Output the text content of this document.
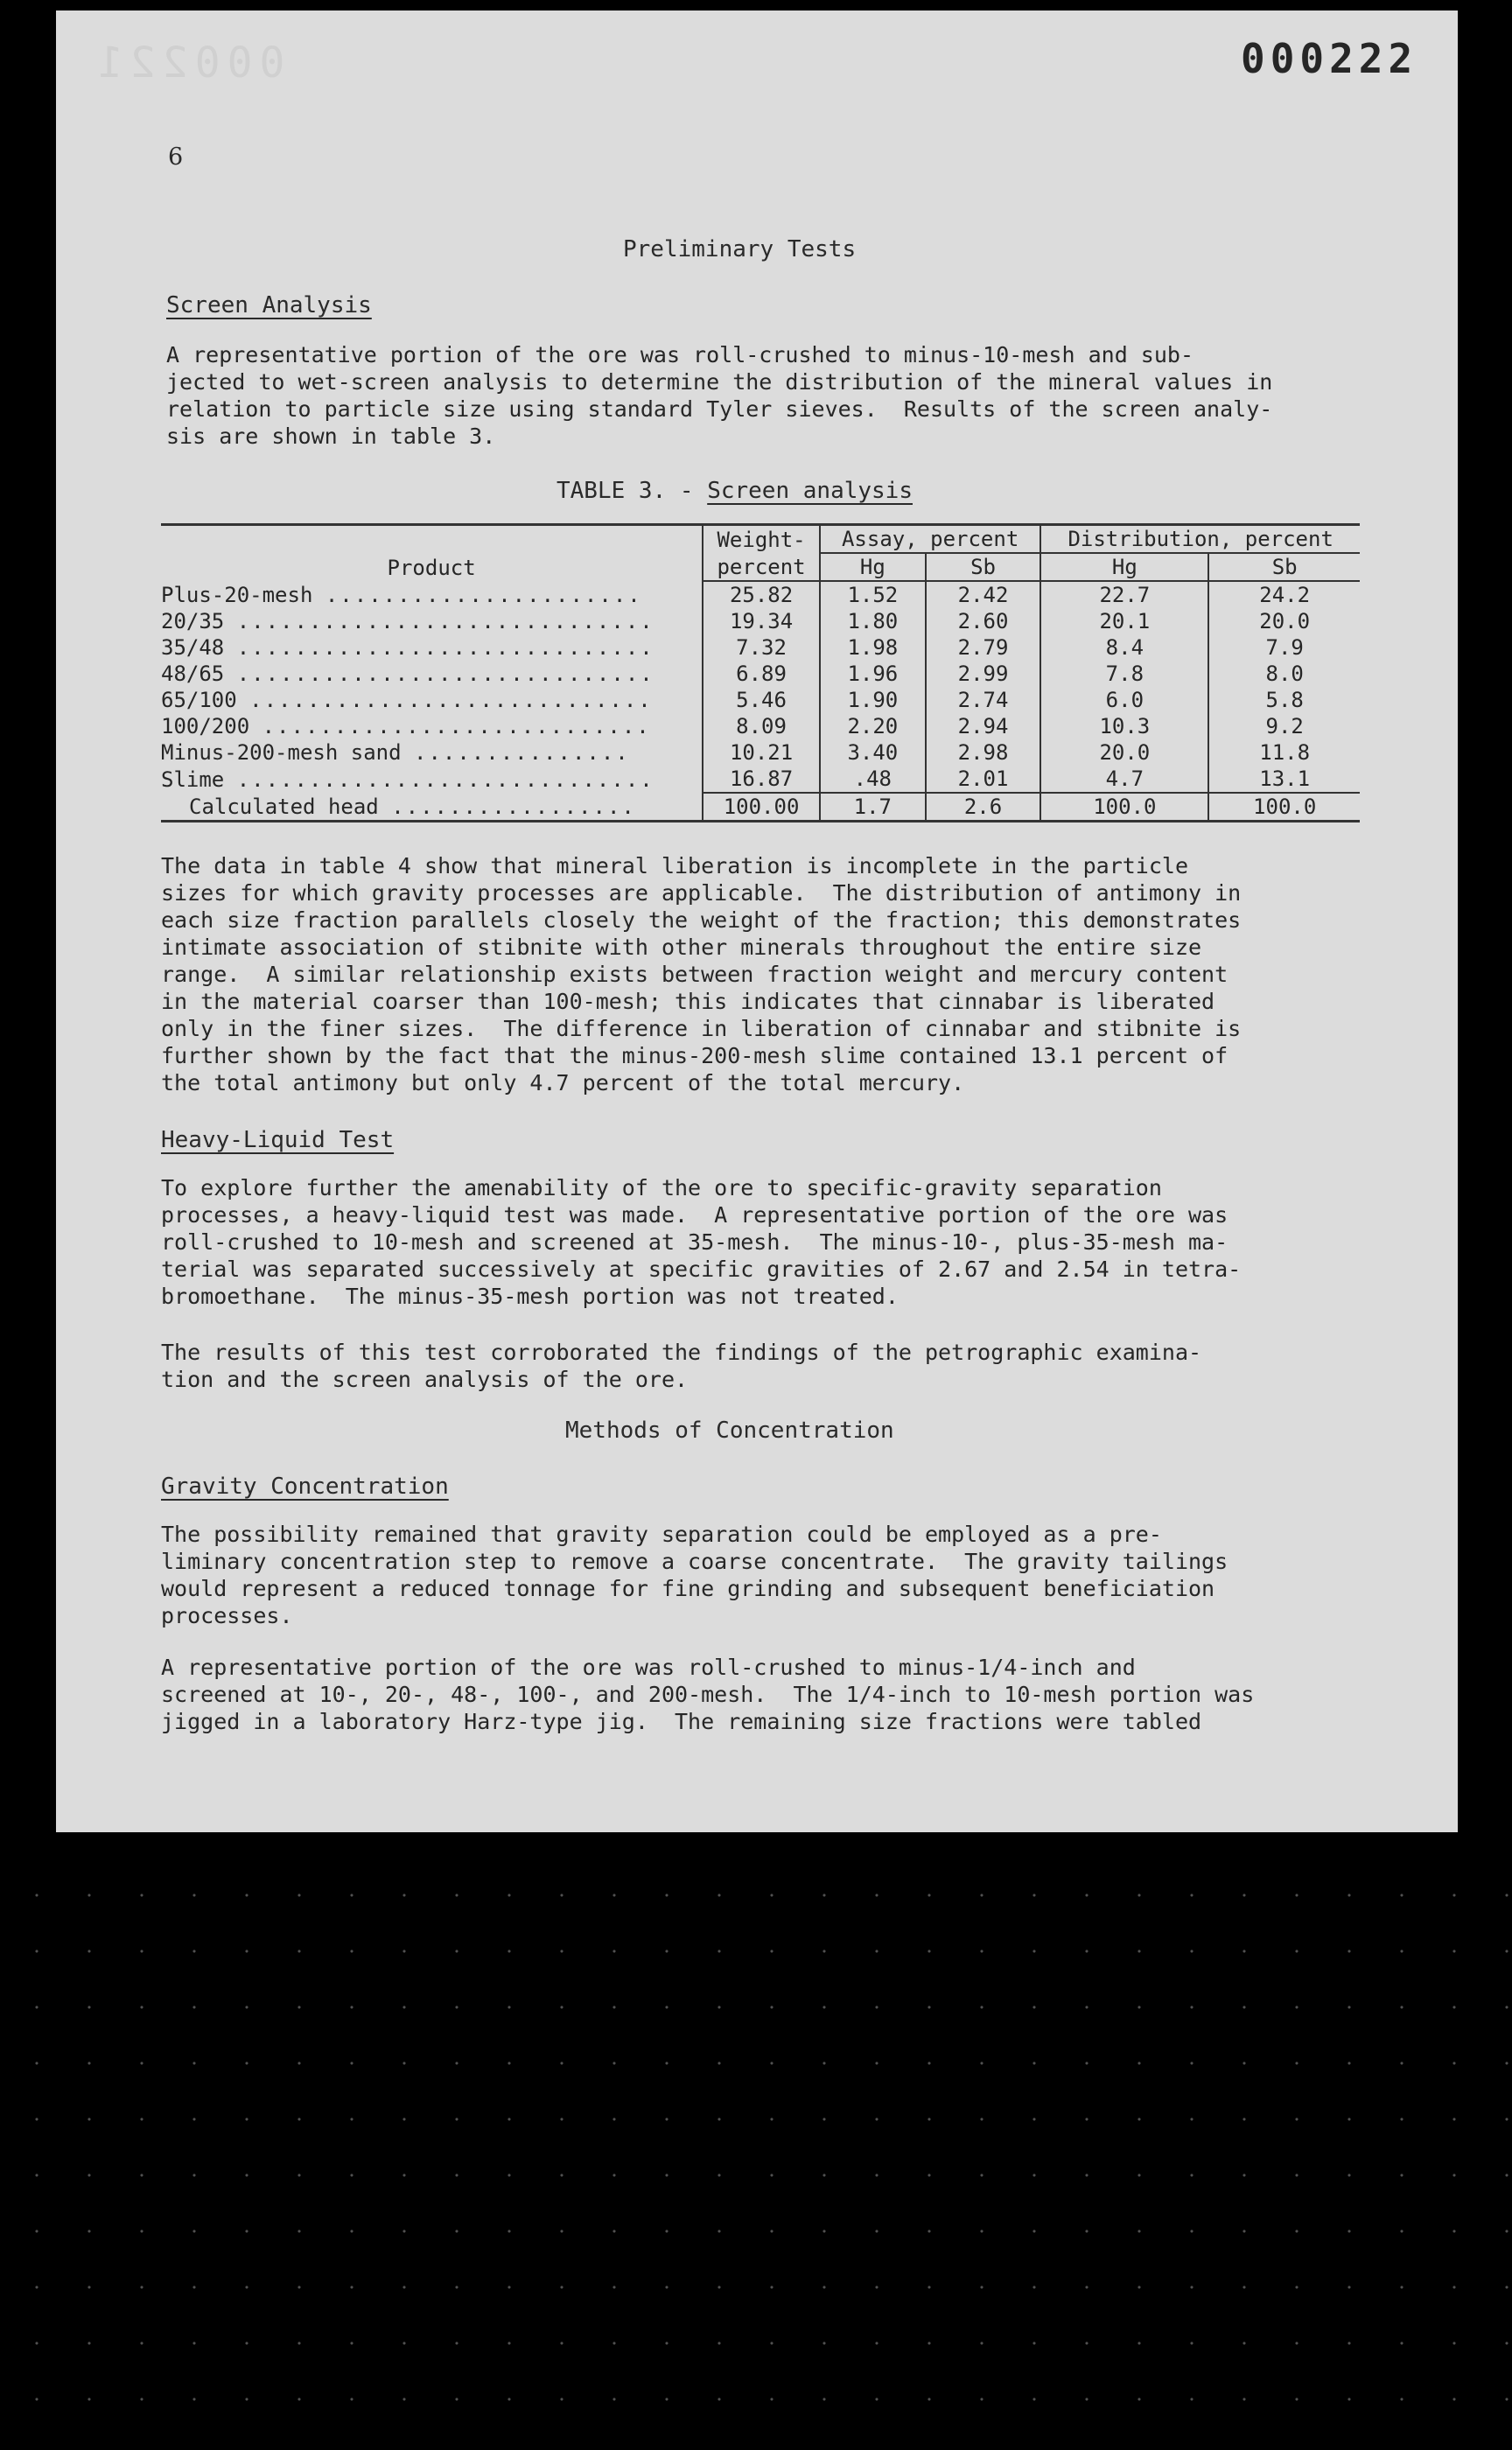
000221	000222
6
Preliminary Tests
Screen Analysis
A representative portion of the ore was roll-crushed to minus-10-mesh and sub-
jected to wet-screen analysis to determine the distribution of the mineral values in
relation to particle size using standard Tyler sieves.  Results of the screen analy-
sis are shown in table 3.
TABLE 3. - Screen analysis
Product	Weight-	Assay, percent		Distribution, percent	
	percent	Hg	Sb	Hg	Sb
Plus-20-mesh ......................	25.82	1.52	2.42	22.7	24.2
20/35 .............................	19.34	1.80	2.60	20.1	20.0
35/48 .............................	7.32	1.98	2.79	8.4	7.9
48/65 .............................	6.89	1.96	2.99	7.8	8.0
65/100 ............................	5.46	1.90	2.74	6.0	5.8
100/200 ...........................	8.09	2.20	2.94	10.3	9.2
Minus-200-mesh sand ...............	10.21	3.40	2.98	20.0	11.8
Slime .............................	16.87	.48	2.01	4.7	13.1
Calculated head .................	100.00	1.7	2.6	100.0	100.0
The data in table 4 show that mineral liberation is incomplete in the particle
sizes for which gravity processes are applicable.  The distribution of antimony in
each size fraction parallels closely the weight of the fraction; this demonstrates
intimate association of stibnite with other minerals throughout the entire size
range.  A similar relationship exists between fraction weight and mercury content
in the material coarser than 100-mesh; this indicates that cinnabar is liberated
only in the finer sizes.  The difference in liberation of cinnabar and stibnite is
further shown by the fact that the minus-200-mesh slime contained 13.1 percent of
the total antimony but only 4.7 percent of the total mercury.
Heavy-Liquid Test
To explore further the amenability of the ore to specific-gravity separation
processes, a heavy-liquid test was made.  A representative portion of the ore was
roll-crushed to 10-mesh and screened at 35-mesh.  The minus-10-, plus-35-mesh ma-
terial was separated successively at specific gravities of 2.67 and 2.54 in tetra-
bromoethane.  The minus-35-mesh portion was not treated.
The results of this test corroborated the findings of the petrographic examina-
tion and the screen analysis of the ore.
Methods of Concentration
Gravity Concentration
The possibility remained that gravity separation could be employed as a pre-
liminary concentration step to remove a coarse concentrate.  The gravity tailings
would represent a reduced tonnage for fine grinding and subsequent beneficiation
processes.
A representative portion of the ore was roll-crushed to minus-1/4-inch and
screened at 10-, 20-, 48-, 100-, and 200-mesh.  The 1/4-inch to 10-mesh portion was
jigged in a laboratory Harz-type jig.  The remaining size fractions were tabled
